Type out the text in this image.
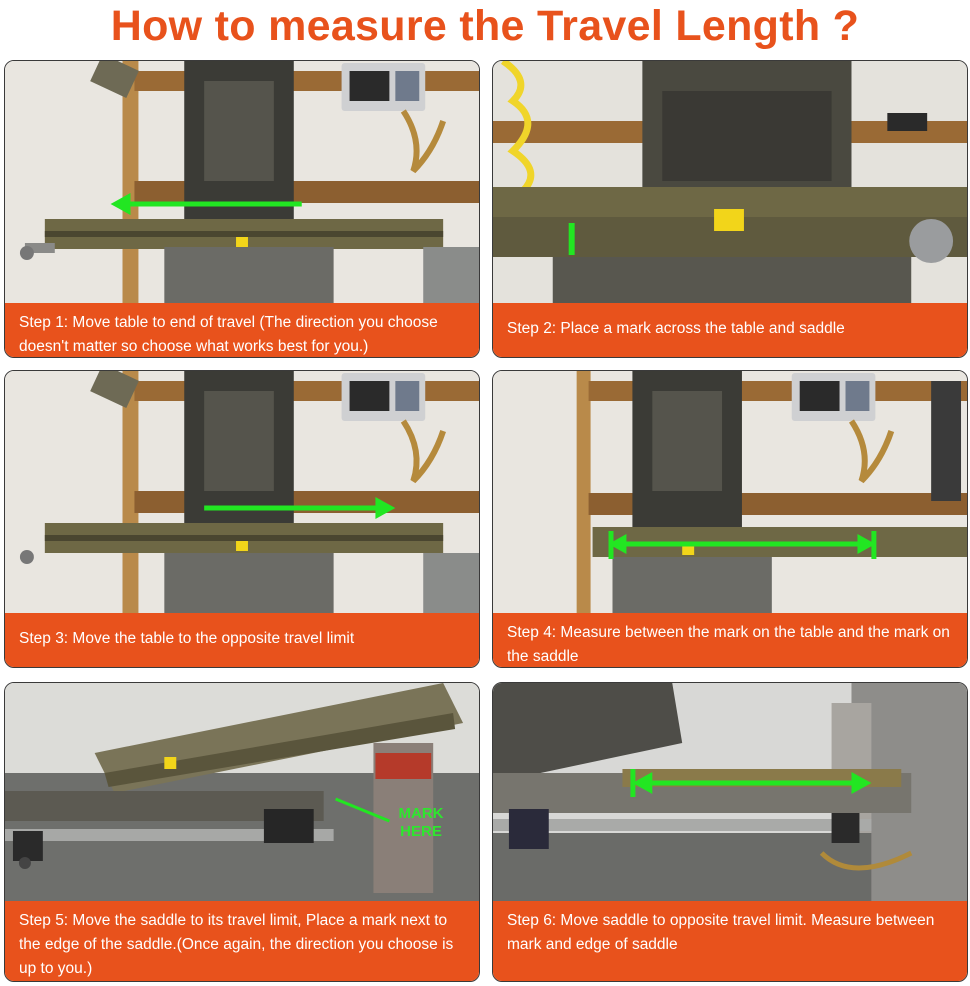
How to measure the Travel Length ?
Step 1: Move table to end of travel (The direction you choose doesn't matter so choose what works best for you.)
Step 2: Place a mark across the table and saddle
Step 3: Move the table to the opposite travel limit	Step 4: Measure between the mark on the table and the mark on the saddle
MARK
HERE
Step 5: Move the saddle to its travel limit, Place a mark next to the edge of the saddle.(Once again, the direction you choose is up to you.)
Step 6: Move saddle to opposite travel limit. Measure between mark and edge of saddle
